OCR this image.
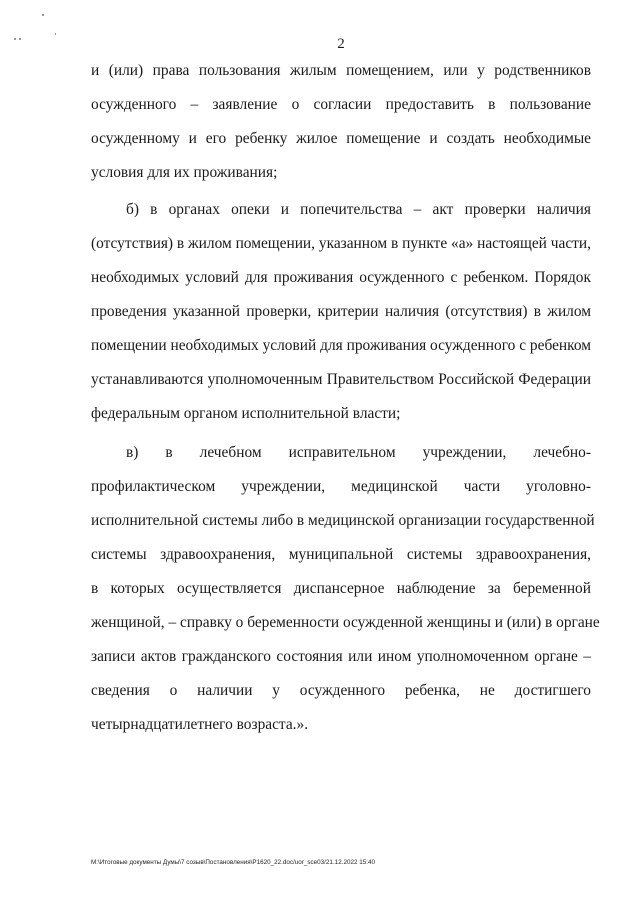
2
и (или) права пользования жилым помещением, или у родственников
осужденного – заявление о согласии предоставить в пользование
осужденному и его ребенку жилое помещение и создать необходимые
условия для их проживания;
б) в органах опеки и попечительства – акт проверки наличия
(отсутствия) в жилом помещении, указанном в пункте «а» настоящей части,
необходимых условий для проживания осужденного с ребенком. Порядок
проведения указанной проверки, критерии наличия (отсутствия) в жилом
помещении необходимых условий для проживания осужденного с ребенком
устанавливаются уполномоченным Правительством Российской Федерации
федеральным органом исполнительной власти;
в) в лечебном исправительном учреждении, лечебно-
профилактическом учреждении, медицинской части уголовно-
исполнительной системы либо в медицинской организации государственной
системы здравоохранения, муниципальной системы здравоохранения,
в которых осуществляется диспансерное наблюдение за беременной
женщиной, – справку о беременности осужденной женщины и (или) в органе
записи актов гражданского состояния или ином уполномоченном органе –
сведения о наличии у осужденного ребенка, не достигшего
четырнадцатилетнего возраста.».
M:\Итоговые документы Думы\7 созыв\Постановления\P1620_22.doc/uor_sce03/21.12.2022 15:40
